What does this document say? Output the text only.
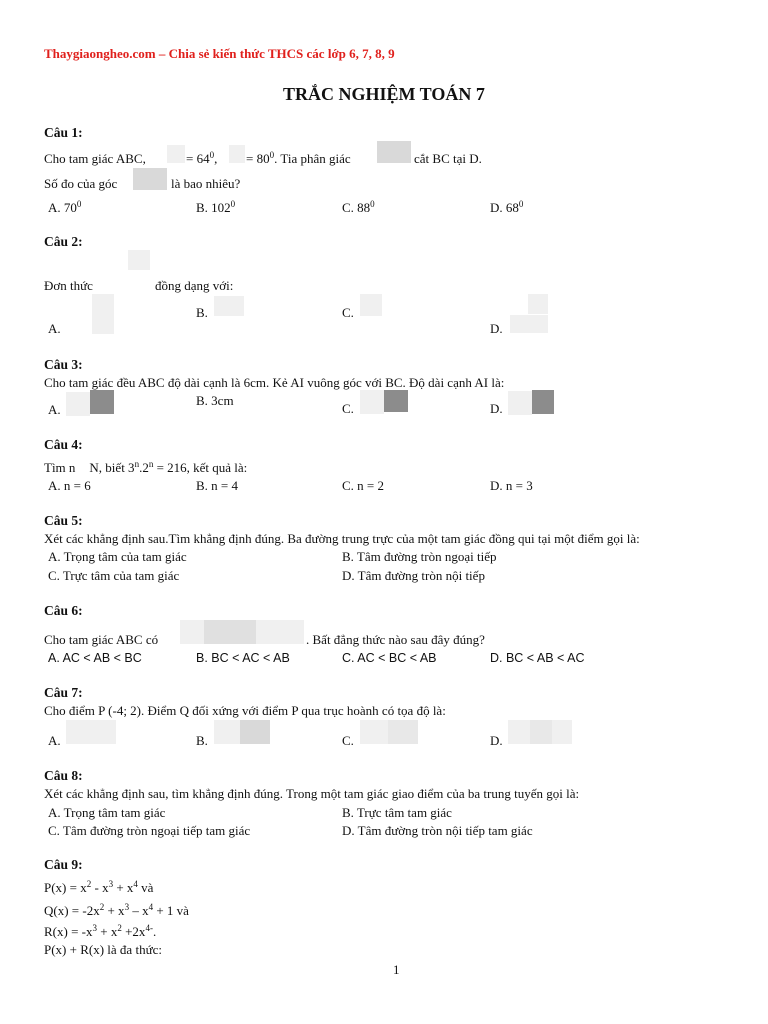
Thaygiaongheo.com – Chia sẻ kiến thức THCS các lớp 6, 7, 8, 9
TRẮC NGHIỆM TOÁN 7
Câu 1:
Cho tam giác ABC,	= $64^0$, = $80^0$. Tia phân giác	cắt BC tại D.
Số đo của góc	là bao nhiêu?
A. $70^0$	B. $102^0$	C. $88^0$	D. $68^0$
Câu 2:
Đơn thức	đồng dạng với:
B.	C.
A.	D.
Câu 3:
Cho tam giác đều ABC độ dài cạnh là 6cm. Kẻ AI vuông góc với BC. Độ dài cạnh AI là:
B. 3cm
A.	C.	D.
Câu 4:
Tìm n N, biết $3^n.2^n = 216$, kết quả là:
A. n = 6	B. n = 4	C. n = 2	D. n = 3
Câu 5:
Xét các khẳng định sau.Tìm khẳng định đúng. Ba đường trung trực của một tam giác đồng qui tại một điểm gọi là:
A. Trọng tâm của tam giác	B. Tâm đường tròn ngoại tiếp
C. Trực tâm của tam giác	D. Tâm đường tròn nội tiếp
Câu 6:
Cho tam giác ABC có	. Bất đẳng thức nào sau đây đúng?
A. AC < AB < BC	B. BC < AC < AB	C. AC < BC < AB	D. BC < AB < AC
Câu 7:
Cho điểm P (-4; 2). Điểm Q đối xứng với điểm P qua trục hoành có tọa độ là:
A.	B.	C.	D.
Câu 8:
Xét các khẳng định sau, tìm khẳng định đúng. Trong một tam giác giao điểm của ba trung tuyến gọi là:
A. Trọng tâm tam giác	B. Trực tâm tam giác
C. Tâm đường tròn ngoại tiếp tam giác	D. Tâm đường tròn nội tiếp tam giác
Câu 9:
$P(x) = x^2 - x^3 + x^4$ và
$Q(x) = -2x^2 + x^3 - x^4 + 1$ và
$R(x) = -x^3 + x^2 +2x^{4-}$.
P(x) + R(x) là đa thức:
1
